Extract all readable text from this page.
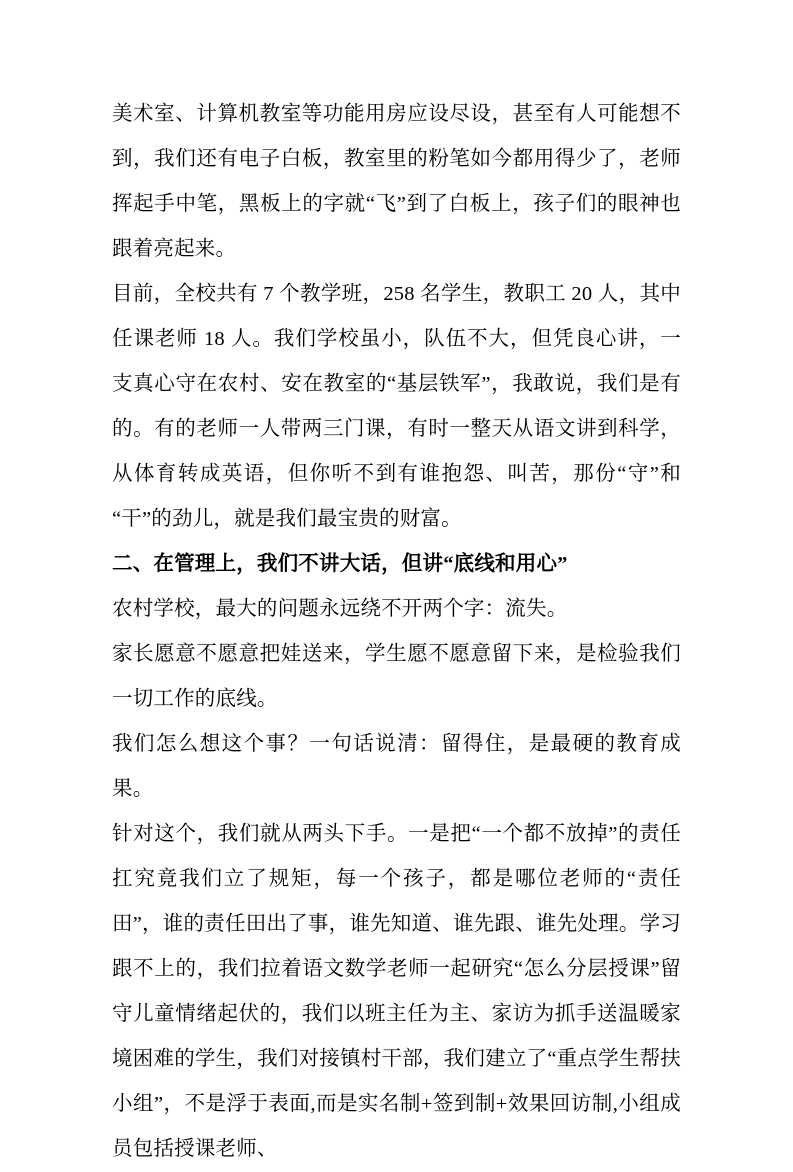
美术室、计算机教室等功能用房应设尽设，甚至有人可能想不到，我们还有电子白板，教室里的粉笔如今都用得少了，老师挥起手中笔，黑板上的字就“飞”到了白板上，孩子们的眼神也跟着亮起来。

目前，全校共有 7 个教学班，258 名学生，教职工 20 人，其中任课老师 18 人。我们学校虽小，队伍不大，但凭良心讲，一支真心守在农村、安在教室的“基层铁军”，我敢说，我们是有的。有的老师一人带两三门课，有时一整天从语文讲到科学，从体育转成英语，但你听不到有谁抱怨、叫苦，那份“守”和“干”的劲儿，就是我们最宝贵的财富。

二、在管理上，我们不讲大话，但讲“底线和用心”

农村学校，最大的问题永远绕不开两个字：流失。

家长愿意不愿意把娃送来，学生愿不愿意留下来，是检验我们一切工作的底线。

我们怎么想这个事？一句话说清：留得住，是最硬的教育成果。

针对这个，我们就从两头下手。一是把“一个都不放掉”的责任扛究竟我们立了规矩，每一个孩子，都是哪位老师的“责任田”，谁的责任田出了事，谁先知道、谁先跟、谁先处理。学习跟不上的，我们拉着语文数学老师一起研究“怎么分层授课”留守儿童情绪起伏的，我们以班主任为主、家访为抓手送温暖家境困难的学生，我们对接镇村干部，我们建立了“重点学生帮扶小组”，不是浮于表面,而是实名制+签到制+效果回访制,小组成员包括授课老师、
